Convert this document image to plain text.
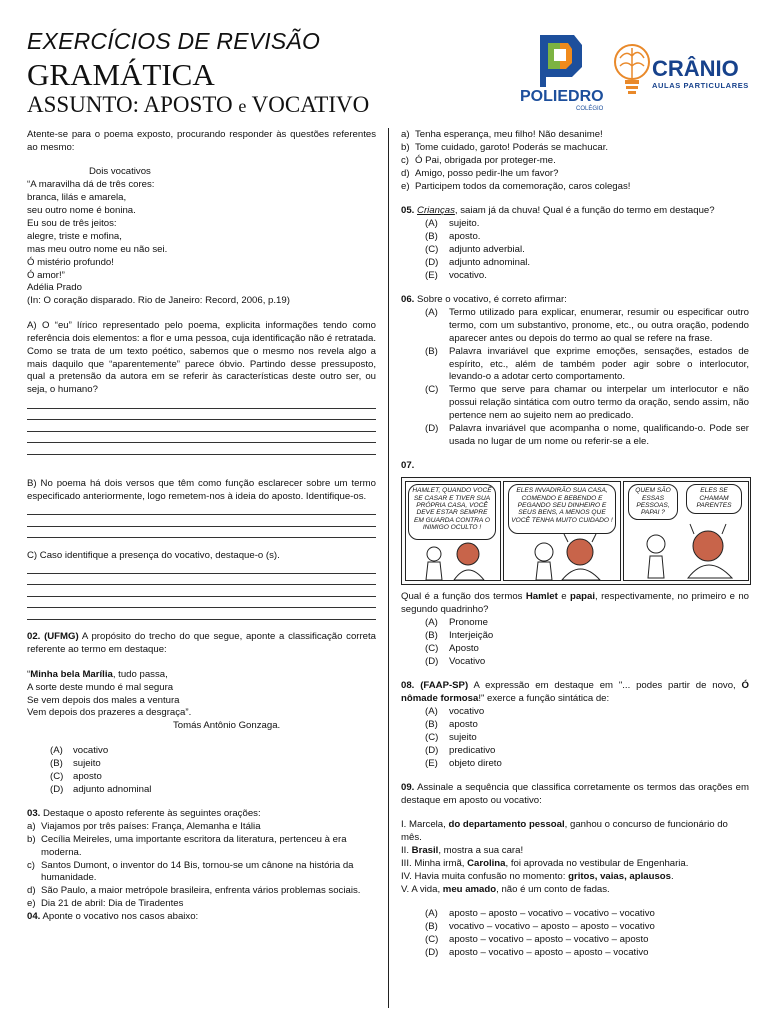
EXERCÍCIOS DE REVISÃO
GRAMÁTICA
ASSUNTO: APOSTO e VOCATIVO	POLIEDRO
COLÉGIO
CRÂNIO
AULAS PARTICULARES

Atente-se para o poema exposto, procurando responder às questões referentes ao mesmo:

Dois vocativos

“A maravilha dá de três cores:

branca, lilás e amarela,

seu outro nome é bonina.

Eu sou de três jeitos:

alegre, triste e mofina,

mas meu outro nome eu não sei.

Ó mistério profundo!

Ó amor!”

Adélia Prado

(In: O coração disparado. Rio de Janeiro: Record, 2006, p.19)

A) O “eu” lírico representado pelo poema, explicita informações tendo como referência dois elementos: a flor e uma pessoa, cuja identificação não é retratada. Como se trata de um texto poético, sabemos que o mesmo nos revela algo a mais daquilo que “aparentemente” parece óbvio. Partindo desse pressuposto, qual a pretensão da autora em se referir às características deste outro ser, ou seja, o humano?

B) No poema há dois versos que têm como função esclarecer sobre um termo especificado anteriormente, logo remetem-nos à ideia do aposto. Identifique-os.

C) Caso identifique a presença do vocativo, destaque-o (s).

02. (UFMG) A propósito do trecho do que segue, aponte a classificação correta referente ao termo em destaque:

“Minha bela Marília, tudo passa,

A sorte deste mundo é mal segura

Se vem depois dos males a ventura

Vem depois dos prazeres a desgraça”.

Tomás Antônio Gonzaga.

(A)	vocativo
(B)	sujeito
(C)	aposto
(D)	adjunto adnominal

03. Destaque o aposto referente às seguintes orações:

a) Viajamos por três países: França, Alemanha e Itália
b) Cecília Meireles, uma importante escritora da literatura, pertenceu à era moderna.
c) Santos Dumont, o inventor do 14 Bis, tornou-se um cânone na história da humanidade.
d) São Paulo, a maior metrópole brasileira, enfrenta vários problemas sociais.
e) Dia 21 de abril: Dia de Tiradentes

04. Aponte o vocativo nos casos abaixo:

a) Tenha esperança, meu filho! Não desanime!
b) Tome cuidado, garoto! Poderás se machucar.
c) Ó Pai, obrigada por proteger-me.
d) Amigo, posso pedir-lhe um favor?
e) Participem todos da comemoração, caros colegas!

05. Crianças, saiam já da chuva! Qual é a função do termo em destaque?

(A)	sujeito.
(B)	aposto.
(C)	adjunto adverbial.
(D)	adjunto adnominal.
(E)	vocativo.

06. Sobre o vocativo, é correto afirmar:

(A)	Termo utilizado para explicar, enumerar, resumir ou especificar outro termo, com um substantivo, pronome, etc., ou outra oração, podendo aparecer antes ou depois do termo ao qual se refere na frase.
(B)	Palavra invariável que exprime emoções, sensações, estados de espírito, etc., além de também poder agir sobre o interlocutor, levando-o a adotar certo comportamento.
(C)	Termo que serve para chamar ou interpelar um interlocutor e não possui relação sintática com outro termo da oração, sendo assim, não pertence nem ao sujeito nem ao predicado.
(D)	Palavra invariável que acompanha o nome, qualificando-o. Pode ser usada no lugar de um nome ou referir-se a ele.

07.

HAMLET, QUANDO VOCÊ SE CASAR E TIVER SUA PRÓPRIA CASA, VOCÊ DEVE ESTAR SEMPRE EM GUARDA CONTRA O INIMIGO OCULTO !
ELES INVADIRÃO SUA CASA, COMENDO E BEBENDO E PEGANDO SEU DINHEIRO E SEUS BENS, A MENOS QUE VOCÊ TENHA MUITO CUIDADO !
QUEM SÃO ESSAS PESSOAS, PAPAI ?
ELES SE CHAMAM PARENTES

Qual é a função dos termos Hamlet e papai, respectivamente, no primeiro e no segundo quadrinho?

(A)	Pronome
(B)	Interjeição
(C)	Aposto
(D)	Vocativo

08. (FAAP-SP) A expressão em destaque em "... podes partir de novo, Ó nômade formosa!" exerce a função sintática de:

(A)	vocativo
(B)	aposto
(C)	sujeito
(D)	predicativo
(E)	objeto direto

09. Assinale a sequência que classifica corretamente os termos das orações em destaque em aposto ou vocativo:

I. Marcela, do departamento pessoal, ganhou o concurso de funcionário do mês.

II. Brasil, mostra a sua cara!

III. Minha irmã, Carolina, foi aprovada no vestibular de Engenharia.

IV. Havia muita confusão no momento: gritos, vaias, aplausos.

V. A vida, meu amado, não é um conto de fadas.

(A)	aposto – aposto – vocativo – vocativo – vocativo
(B)	vocativo – vocativo – aposto – aposto – vocativo
(C)	aposto – vocativo – aposto – vocativo – aposto
(D)	aposto – vocativo – aposto – aposto – vocativo
